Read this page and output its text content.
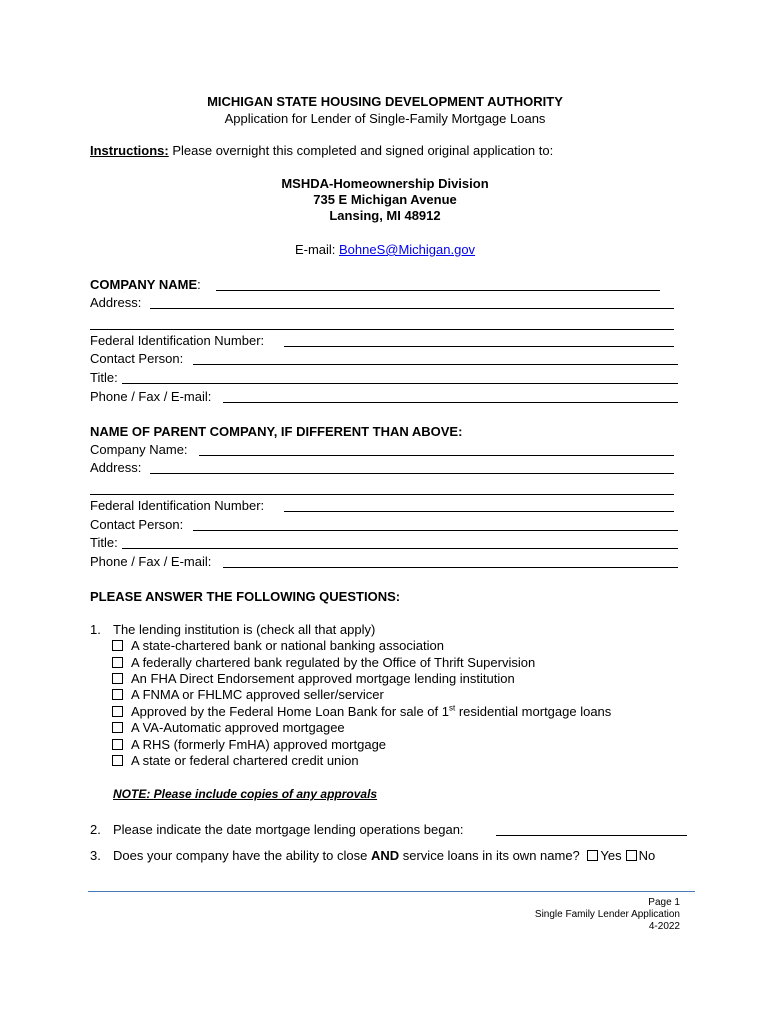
MICHIGAN STATE HOUSING DEVELOPMENT AUTHORITY
Application for Lender of Single-Family Mortgage Loans
Instructions: Please overnight this completed and signed original application to:
MSHDA-Homeownership Division
735 E Michigan Avenue
Lansing, MI 48912
E-mail: BohneS@Michigan.gov
COMPANY NAME:
Address:
Federal Identification Number:
Contact Person:
Title:
Phone / Fax / E-mail:
NAME OF PARENT COMPANY, IF DIFFERENT THAN ABOVE:
Company Name:
Address:
Federal Identification Number:
Contact Person:
Title:
Phone / Fax / E-mail:
PLEASE ANSWER THE FOLLOWING QUESTIONS:
1. The lending institution is (check all that apply)
A state-chartered bank or national banking association
A federally chartered bank regulated by the Office of Thrift Supervision
An FHA Direct Endorsement approved mortgage lending institution
A FNMA or FHLMC approved seller/servicer
Approved by the Federal Home Loan Bank for sale of 1st residential mortgage loans
A VA-Automatic approved mortgagee
A RHS (formerly FmHA) approved mortgage
A state or federal chartered credit union
NOTE: Please include copies of any approvals
2. Please indicate the date mortgage lending operations began:
3. Does your company have the ability to close AND service loans in its own name? Yes No
Page 1
Single Family Lender Application
4-2022
